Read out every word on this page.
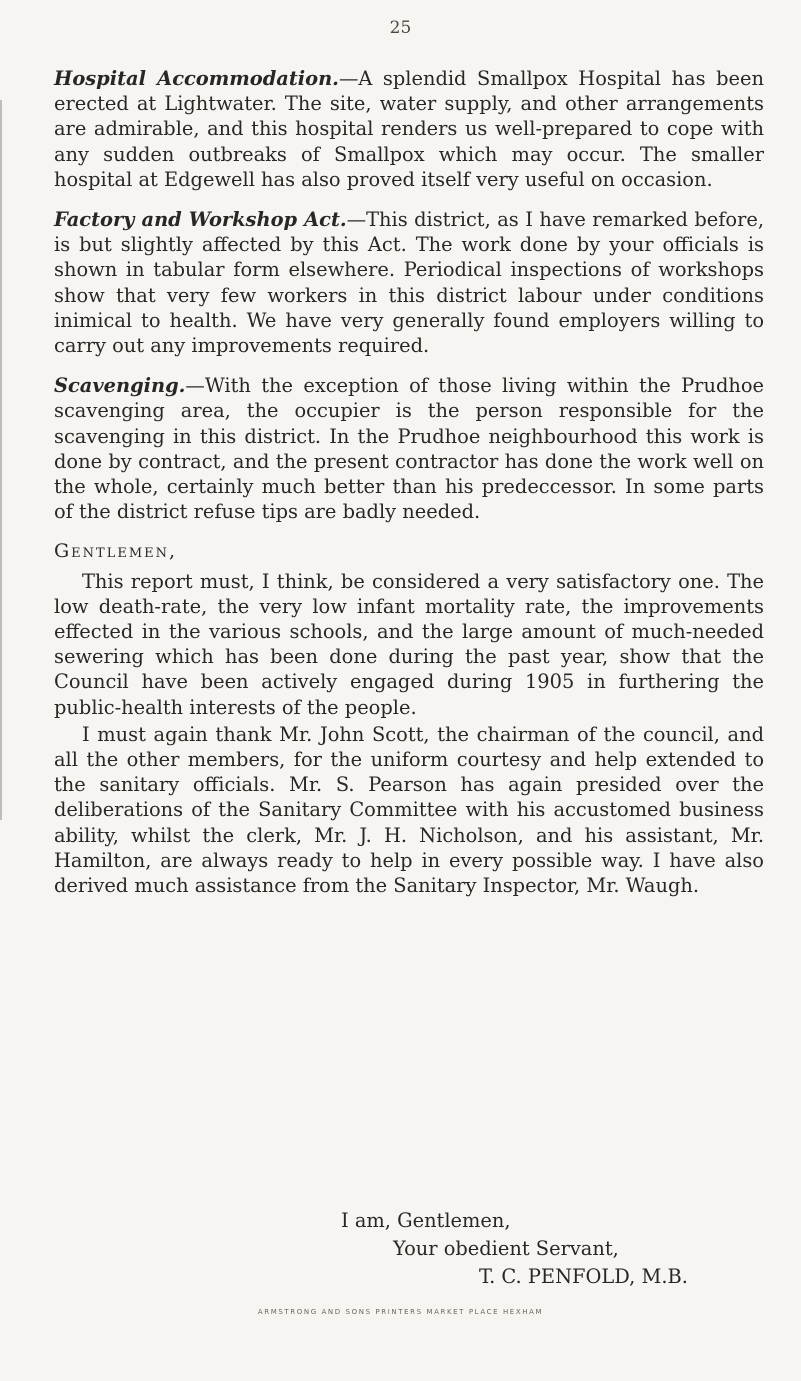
25

Hospital Accommodation.—A splendid Smallpox Hospital has been erected at Lightwater. The site, water supply, and other arrangements are admirable, and this hospital renders us well-prepared to cope with any sudden outbreaks of Smallpox which may occur. The smaller hospital at Edgewell has also proved itself very useful on occasion.

Factory and Workshop Act.—This district, as I have remarked before, is but slightly affected by this Act. The work done by your officials is shown in tabular form elsewhere. Periodical inspections of workshops show that very few workers in this district labour under conditions inimical to health. We have very generally found employers willing to carry out any improvements required.

Scavenging.—With the exception of those living within the Prudhoe scavenging area, the occupier is the person responsible for the scavenging in this district. In the Prudhoe neighbourhood this work is done by contract, and the present contractor has done the work well on the whole, certainly much better than his predeccessor. In some parts of the district refuse tips are badly needed.

Gentlemen,

This report must, I think, be considered a very satisfactory one. The low death-rate, the very low infant mortality rate, the improvements effected in the various schools, and the large amount of much-needed sewering which has been done during the past year, show that the Council have been actively engaged during 1905 in furthering the public-health interests of the people.

I must again thank Mr. John Scott, the chairman of the council, and all the other members, for the uniform courtesy and help extended to the sanitary officials. Mr. S. Pearson has again presided over the deliberations of the Sanitary Committee with his accustomed business ability, whilst the clerk, Mr. J. H. Nicholson, and his assistant, Mr. Hamilton, are always ready to help in every possible way. I have also derived much assistance from the Sanitary Inspector, Mr. Waugh.

I am, Gentlemen,
Your obedient Servant,
T. C. PENFOLD, M.B.
ARMSTRONG AND SONS PRINTERS MARKET PLACE HEXHAM
